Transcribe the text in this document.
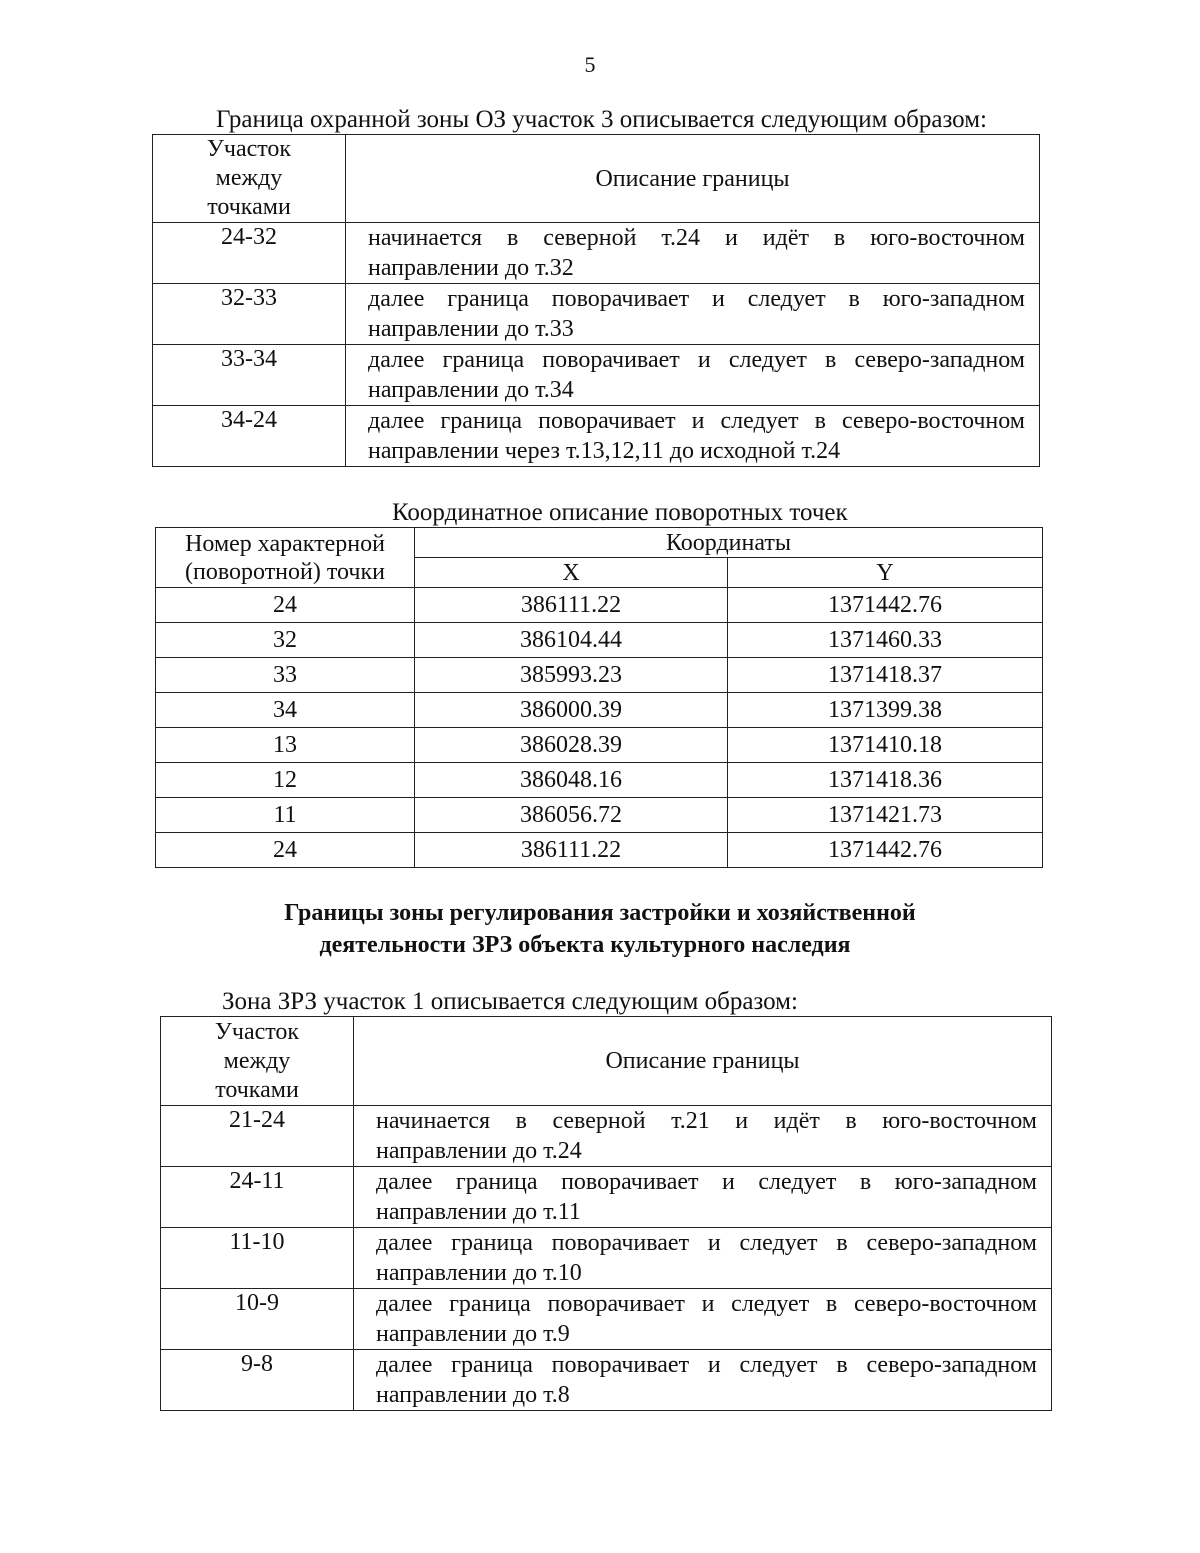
5
Граница охранной зоны ОЗ участок 3 описывается следующим образом:
Участок между точками	Описание границы
24-32	начинается в северной т.24 и идёт в юго-восточном направлении до т.32
32-33	далее граница поворачивает и следует в юго-западном направлении до т.33
33-34	далее граница поворачивает и следует в северо-западном направлении до т.34
34-24	далее граница поворачивает и следует в северо-восточном направлении через т.13,12,11 до исходной т.24
Координатное описание поворотных точек
Номер характерной
(поворотной) точки	Координаты	
	X	Y
24	386111.22	1371442.76
32	386104.44	1371460.33
33	385993.23	1371418.37
34	386000.39	1371399.38
13	386028.39	1371410.18
12	386048.16	1371418.36
11	386056.72	1371421.73
24	386111.22	1371442.76
Границы зоны регулирования застройки и хозяйственной
деятельности ЗРЗ объекта культурного наследия
Зона ЗРЗ участок 1 описывается следующим образом:
Участок между точками	Описание границы
21-24	начинается в северной т.21 и идёт в юго-восточном направлении до т.24
24-11	далее граница поворачивает и следует в юго-западном направлении до т.11
11-10	далее граница поворачивает и следует в северо-западном направлении до т.10
10-9	далее граница поворачивает и следует в северо-восточном направлении до т.9
9-8	далее граница поворачивает и следует в северо-западном направлении до т.8
